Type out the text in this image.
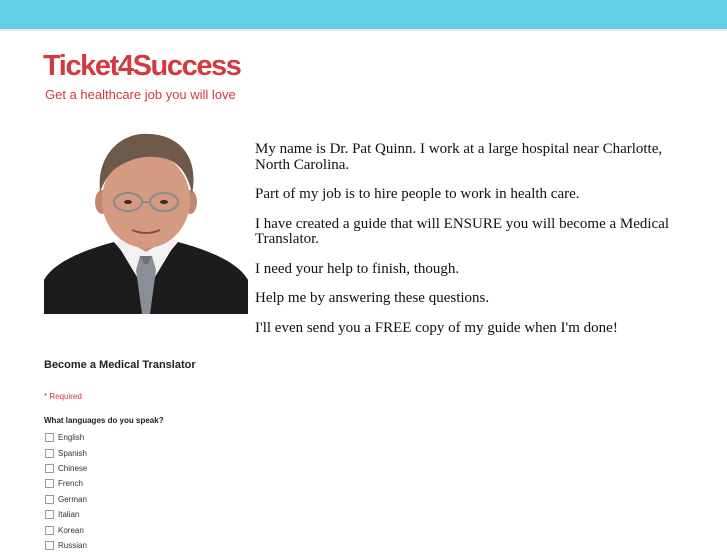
Ticket4Success
Get a healthcare job you will love

My name is Dr. Pat Quinn. I work at a large hospital near Charlotte, North Carolina.

Part of my job is to hire people to work in health care.

I have created a guide that will ENSURE you will become a Medical Translator.

I need your help to finish, though.

Help me by answering these questions.

I'll even send you a FREE copy of my guide when I'm done!

Become a Medical Translator
* Required
What languages do you speak?
English
Spanish
Chinese
French
German
Italian
Korean
Russian
